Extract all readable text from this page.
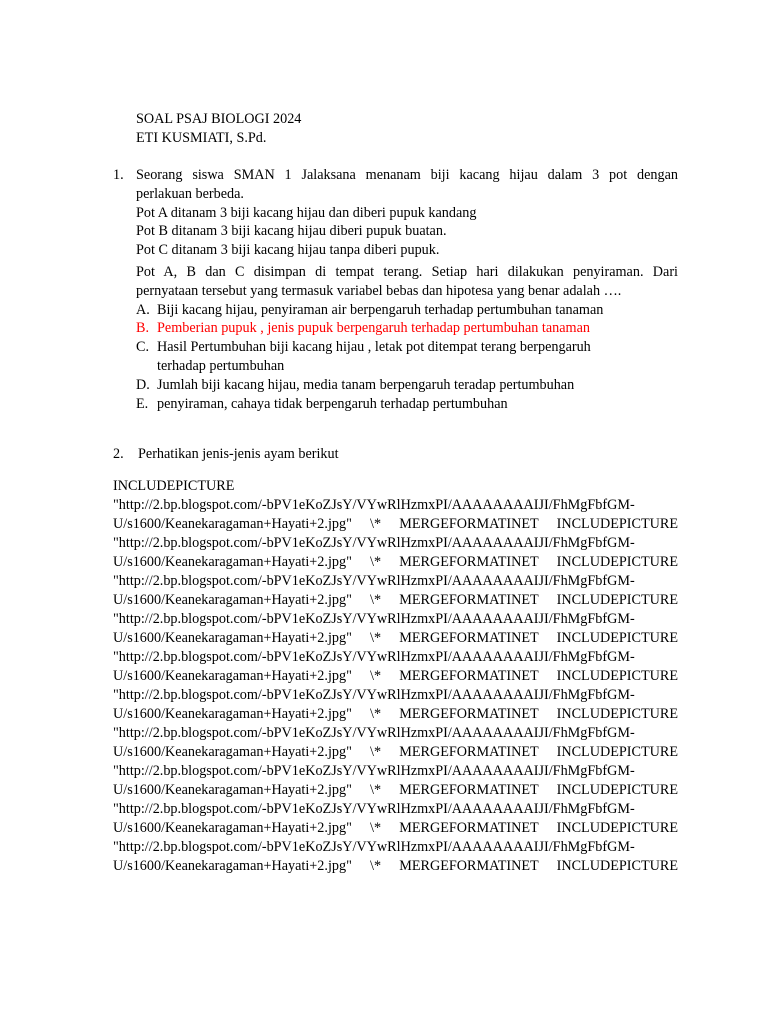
SOAL PSAJ BIOLOGI 2024
ETI KUSMIATI, S.Pd.
1. Seorang siswa SMAN 1 Jalaksana menanam biji kacang hijau dalam 3 pot dengan
perlakuan berbeda.
Pot A ditanam 3 biji kacang hijau dan diberi pupuk kandang
Pot B ditanam 3 biji kacang hijau diberi pupuk buatan.
Pot C ditanam 3 biji kacang hijau tanpa diberi pupuk.
Pot A, B dan C disimpan di tempat terang. Setiap hari dilakukan penyiraman. Dari
pernyataan tersebut yang termasuk variabel bebas dan hipotesa yang benar adalah ….
A. Biji kacang hijau, penyiraman air berpengaruh terhadap pertumbuhan tanaman
B. Pemberian pupuk , jenis pupuk berpengaruh terhadap pertumbuhan tanaman
C. Hasil Pertumbuhan biji kacang hijau , letak pot ditempat terang berpengaruh
terhadap pertumbuhan
D. Jumlah biji kacang hijau, media tanam berpengaruh teradap pertumbuhan
E. penyiraman, cahaya tidak berpengaruh terhadap pertumbuhan
2. Perhatikan jenis-jenis ayam berikut
INCLUDEPICTURE
"http://2.bp.blogspot.com/-bPV1eKoZJsY/VYwRlHzmxPI/AAAAAAAAIJI/FhMgFbfGM-
U/s1600/Keanekaragaman+Hayati+2.jpg" \* MERGEFORMATINET INCLUDEPICTURE
"http://2.bp.blogspot.com/-bPV1eKoZJsY/VYwRlHzmxPI/AAAAAAAAIJI/FhMgFbfGM-
U/s1600/Keanekaragaman+Hayati+2.jpg" \* MERGEFORMATINET INCLUDEPICTURE
"http://2.bp.blogspot.com/-bPV1eKoZJsY/VYwRlHzmxPI/AAAAAAAAIJI/FhMgFbfGM-
U/s1600/Keanekaragaman+Hayati+2.jpg" \* MERGEFORMATINET INCLUDEPICTURE
"http://2.bp.blogspot.com/-bPV1eKoZJsY/VYwRlHzmxPI/AAAAAAAAIJI/FhMgFbfGM-
U/s1600/Keanekaragaman+Hayati+2.jpg" \* MERGEFORMATINET INCLUDEPICTURE
"http://2.bp.blogspot.com/-bPV1eKoZJsY/VYwRlHzmxPI/AAAAAAAAIJI/FhMgFbfGM-
U/s1600/Keanekaragaman+Hayati+2.jpg" \* MERGEFORMATINET INCLUDEPICTURE
"http://2.bp.blogspot.com/-bPV1eKoZJsY/VYwRlHzmxPI/AAAAAAAAIJI/FhMgFbfGM-
U/s1600/Keanekaragaman+Hayati+2.jpg" \* MERGEFORMATINET INCLUDEPICTURE
"http://2.bp.blogspot.com/-bPV1eKoZJsY/VYwRlHzmxPI/AAAAAAAAIJI/FhMgFbfGM-
U/s1600/Keanekaragaman+Hayati+2.jpg" \* MERGEFORMATINET INCLUDEPICTURE
"http://2.bp.blogspot.com/-bPV1eKoZJsY/VYwRlHzmxPI/AAAAAAAAIJI/FhMgFbfGM-
U/s1600/Keanekaragaman+Hayati+2.jpg" \* MERGEFORMATINET INCLUDEPICTURE
"http://2.bp.blogspot.com/-bPV1eKoZJsY/VYwRlHzmxPI/AAAAAAAAIJI/FhMgFbfGM-
U/s1600/Keanekaragaman+Hayati+2.jpg" \* MERGEFORMATINET INCLUDEPICTURE
"http://2.bp.blogspot.com/-bPV1eKoZJsY/VYwRlHzmxPI/AAAAAAAAIJI/FhMgFbfGM-
U/s1600/Keanekaragaman+Hayati+2.jpg" \* MERGEFORMATINET INCLUDEPICTURE
